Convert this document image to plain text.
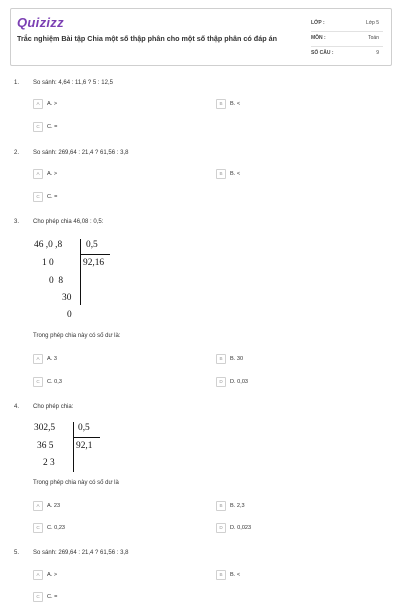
Quizizz
Trắc nghiệm Bài tập Chia một số thập phân cho một số thập phân có đáp án
LỚP :	Lớp 5
MÔN :	Toán
SỐ CÂU :	9
1. So sánh: 4,64 : 11,6 ? 5 : 12,5
A A. >	B B. <
C C. =
2. So sánh: 269,64 : 21,4 ? 61,56 : 3,8
A A. >	B B. <
C C. =
3. Cho phép chia 46,08 : 0,5:
46 ,0 ,8	0,5
92,16
1 0
0  8
30
0
Trong phép chia này có số dư là:
A A. 3	B B. 30
C C. 0,3	D D. 0,03
4. Cho phép chia:
302,5 0,5
92,1
36 5
2 3
Trong phép chia này có số dư là
A A. 23	B B. 2,3
C C. 0,23	D D. 0,023
5. So sánh: 269,64 : 21,4 ? 61,56 : 3,8
A A. >	B B. <
C C. =
